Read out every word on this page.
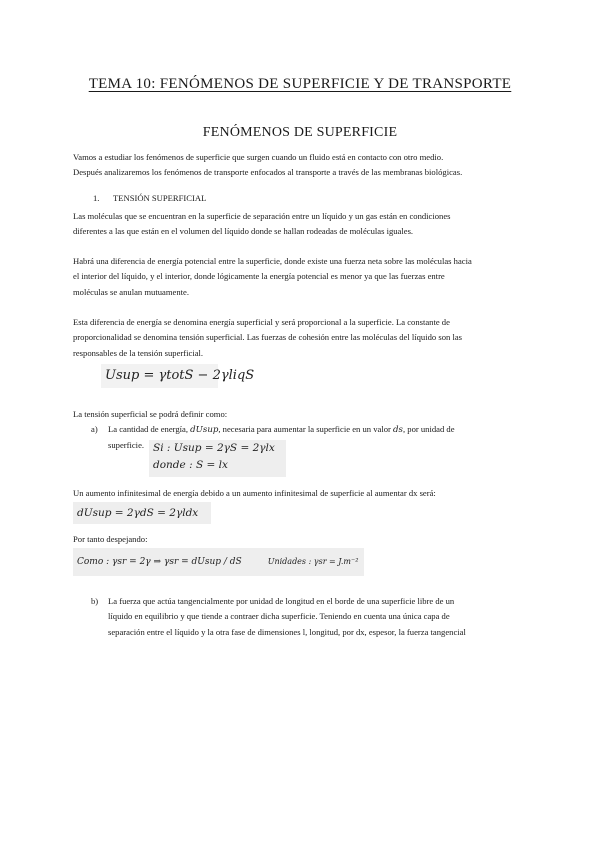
TEMA 10: FENÓMENOS DE SUPERFICIE Y DE TRANSPORTE
FENÓMENOS DE SUPERFICIE

Vamos a estudiar los fenómenos de superficie que surgen cuando un fluido está en contacto con otro medio.

Después analizaremos los fenómenos de transporte enfocados al transporte a través de las membranas biológicas.

1. TENSIÓN SUPERFICIAL

Las moléculas que se encuentran en la superficie de separación entre un líquido y un gas están en condiciones

diferentes a las que están en el volumen del líquido donde se hallan rodeadas de moléculas iguales.

Habrá una diferencia de energía potencial entre la superficie, donde existe una fuerza neta sobre las moléculas hacia

el interior del líquido, y el interior, donde lógicamente la energía potencial es menor ya que las fuerzas entre

moléculas se anulan mutuamente.

Esta diferencia de energía se denomina energía superficial y será proporcional a la superficie. La constante de

proporcionalidad se denomina tensión superficial. Las fuerzas de cohesión entre las moléculas del líquido son las

responsables de la tensión superficial.

Usup = γtotS − 2γliqS
La tensión superficial se podrá definir como:
a) La cantidad de energía, dUsup, necesaria para aumentar la superficie en un valor ds, por unidad de
superficie. Si : Usup = 2γS = 2γlx
donde : S = lx
Un aumento infinitesimal de energía debido a un aumento infinitesimal de superficie al aumentar dx será:
dUsup = 2γdS = 2γldx
Por tanto despejando:
Como : γsr = 2γ ⇒ γsr = dUsup / dS	Unidades : γsr = J.m⁻²
b) La fuerza que actúa tangencialmente por unidad de longitud en el borde de una superficie libre de un
líquido en equilibrio y que tiende a contraer dicha superficie. Teniendo en cuenta una única capa de
separación entre el líquido y la otra fase de dimensiones l, longitud, por dx, espesor, la fuerza tangencial
